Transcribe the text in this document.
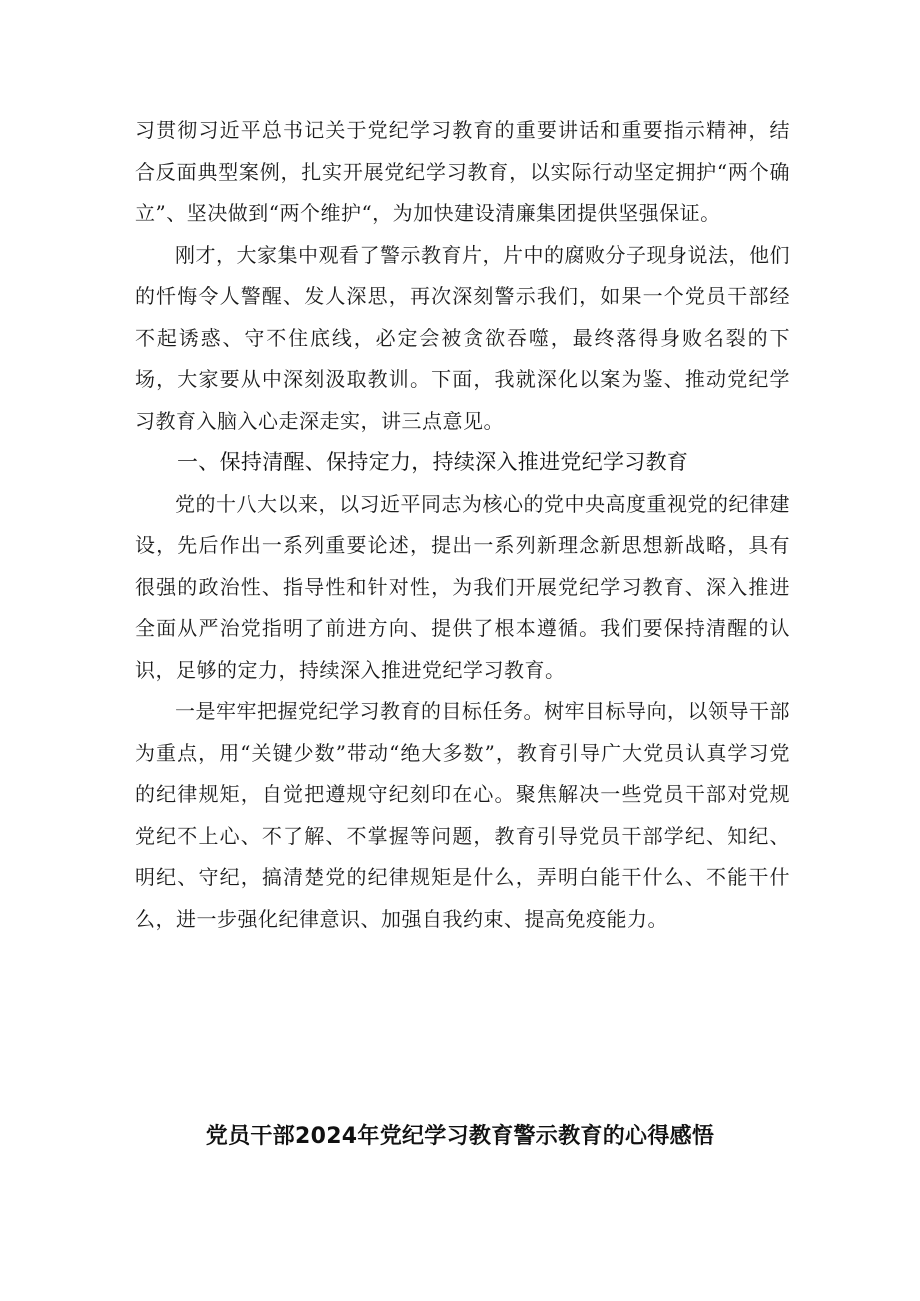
习贯彻习近平总书记关于党纪学习教育的重要讲话和重要指示精神，结合反面典型案例，扎实开展党纪学习教育，以实际行动坚定拥护“两个确立”、坚决做到“两个维护“，为加快建设清廉集团提供坚强保证。

刚才，大家集中观看了警示教育片，片中的腐败分子现身说法，他们的忏悔令人警醒、发人深思，再次深刻警示我们，如果一个党员干部经不起诱惑、守不住底线，必定会被贪欲吞噬，最终落得身败名裂的下场，大家要从中深刻汲取教训。下面，我就深化以案为鉴、推动党纪学习教育入脑入心走深走实，讲三点意见。

一、保持清醒、保持定力，持续深入推进党纪学习教育

党的十八大以来，以习近平同志为核心的党中央高度重视党的纪律建设，先后作出一系列重要论述，提出一系列新理念新思想新战略，具有很强的政治性、指导性和针对性，为我们开展党纪学习教育、深入推进全面从严治党指明了前进方向、提供了根本遵循。我们要保持清醒的认识，足够的定力，持续深入推进党纪学习教育。

一是牢牢把握党纪学习教育的目标任务。树牢目标导向，以领导干部为重点，用“关键少数”带动“绝大多数”，教育引导广大党员认真学习党的纪律规矩，自觉把遵规守纪刻印在心。聚焦解决一些党员干部对党规党纪不上心、不了解、不掌握等问题，教育引导党员干部学纪、知纪、明纪、守纪，搞清楚党的纪律规矩是什么，弄明白能干什么、不能干什么，进一步强化纪律意识、加强自我约束、提高免疫能力。

党员干部2024年党纪学习教育警示教育的心得感悟
